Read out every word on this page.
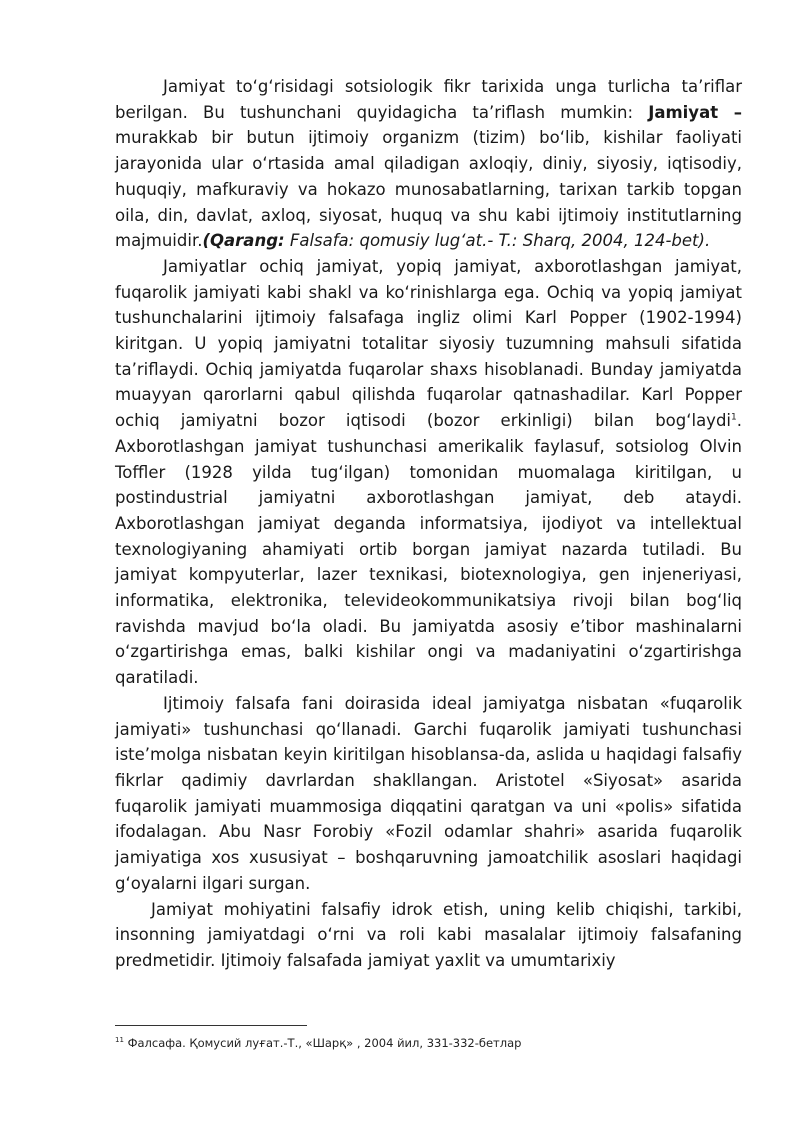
Jamiyat to‘g‘risidagi sotsiologik fikr tarixida unga turlicha ta’riflar berilgan. Bu tushunchani quyidagicha ta’riflash mumkin: Jamiyat – murakkab bir butun ijtimoiy organizm (tizim) bo‘lib, kishilar faoliyati jarayonida ular o‘rtasida amal qiladigan axloqiy, diniy, siyosiy, iqtisodiy, huquqiy, mafkuraviy va hokazo munosabatlarning, tarixan tarkib topgan oila, din, davlat, axloq, siyosat, huquq va shu kabi ijtimoiy institutlarning majmuidir.(Qarang: Falsafa: qomusiy lug‘at.- T.: Sharq, 2004, 124-bet).

Jamiyatlar ochiq jamiyat, yopiq jamiyat, axborotlashgan jamiyat, fuqarolik jamiyati kabi shakl va ko‘rinishlarga ega. Ochiq va yopiq jamiyat tushunchalarini ijtimoiy falsafaga ingliz olimi Karl Popper (1902-1994) kiritgan. U yopiq jamiyatni totalitar siyosiy tuzumning mahsuli sifatida ta’riflaydi. Ochiq jamiyatda fuqarolar shaxs hisoblanadi. Bunday jamiyatda muayyan qarorlarni qabul qilishda fuqarolar qatnashadilar. Karl Popper ochiq jamiyatni bozor iqtisodi (bozor erkinligi) bilan bog‘laydi$^1$. Axborotlashgan jamiyat tushunchasi amerikalik faylasuf, sotsiolog Olvin Toffler (1928 yilda tug‘ilgan) tomonidan muomalaga kiritilgan, u postindustrial jamiyatni axborotlashgan jamiyat, deb ataydi. Axborotlashgan jamiyat deganda informatsiya, ijodiyot va intellektual texnologiyaning ahamiyati ortib borgan jamiyat nazarda tutiladi. Bu jamiyat kompyuterlar, lazer texnikasi, biotexnologiya, gen injeneriyasi, informatika, elektronika, televideokommunikatsiya rivoji bilan bog‘liq ravishda mavjud bo‘la oladi. Bu jamiyatda asosiy e’tibor mashinalarni o‘zgartirishga emas, balki kishilar ongi va madaniyatini o‘zgartirishga qaratiladi.

Ijtimoiy falsafa fani doirasida ideal jamiyatga nisbatan «fuqarolik jamiyati» tushunchasi qo‘llanadi. Garchi fuqarolik jamiyati tushunchasi iste’molga nisbatan keyin kiritilgan hisoblansa-da, aslida u haqidagi falsafiy fikrlar qadimiy davrlardan shakllangan. Aristotel «Siyosat» asarida fuqarolik jamiyati muammosiga diqqatini qaratgan va uni «polis» sifatida ifodalagan. Abu Nasr Forobiy «Fozil odamlar shahri» asarida fuqarolik jamiyatiga xos xususiyat – boshqaruvning jamoatchilik asoslari haqidagi g‘oyalarni ilgari surgan.

Jamiyat mohiyatini falsafiy idrok etish, uning kelib chiqishi, tarkibi, insonning jamiyatdagi o‘rni va roli kabi masalalar ijtimoiy falsafaning predmetidir. Ijtimoiy falsafada jamiyat yaxlit va umumtarixiy

$^{11}$ Фалсафа. Қомусий луғат.-Т., «Шарқ» , 2004 йил, 331-332-бетлар
